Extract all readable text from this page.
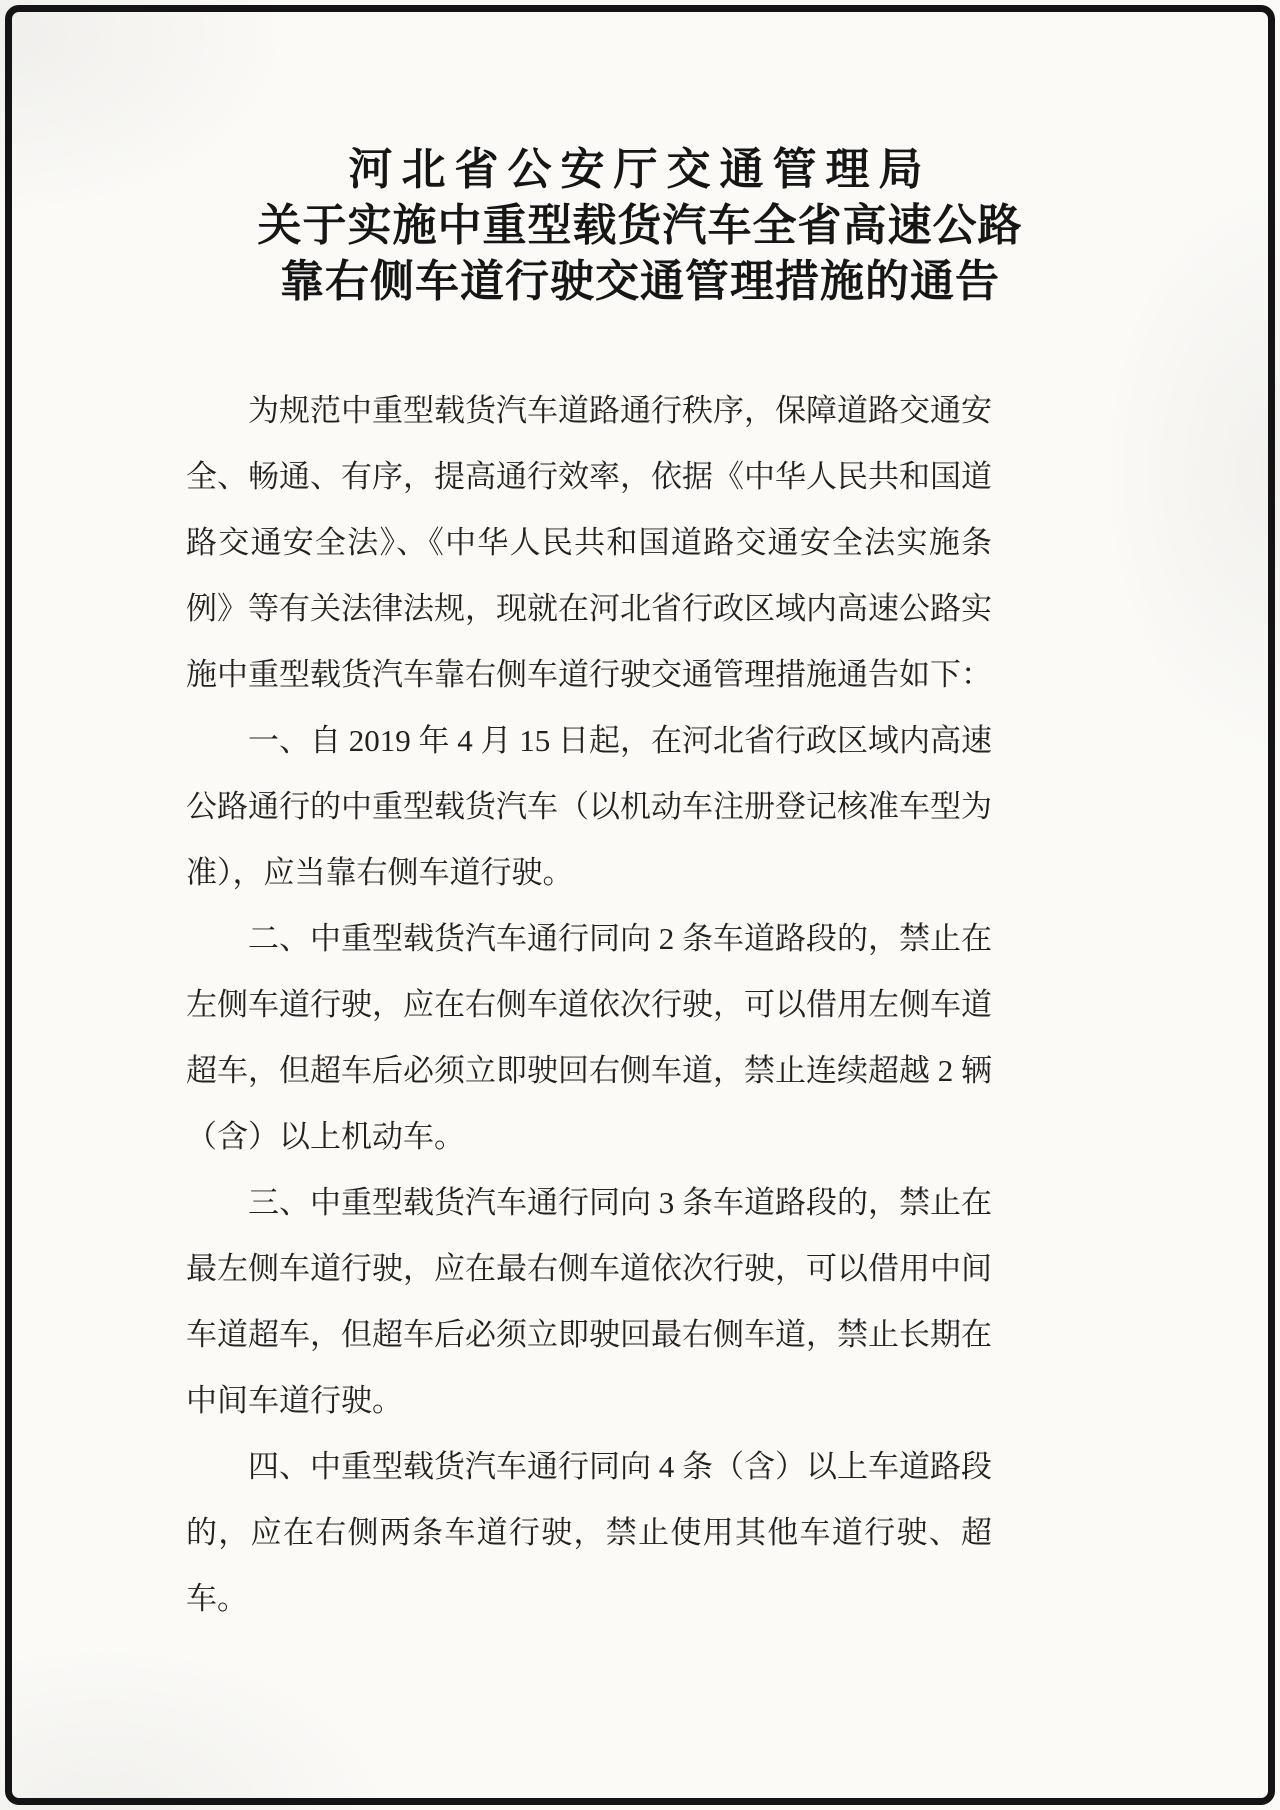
河北省公安厅交通管理局
关于实施中重型载货汽车全省高速公路
靠右侧车道行驶交通管理措施的通告

为规范中重型载货汽车道路通行秩序，保障道路交通安全、畅通、有序，提高通行效率，依据《中华人民共和国道路交通安全法》、《中华人民共和国道路交通安全法实施条例》等有关法律法规，现就在河北省行政区域内高速公路实施中重型载货汽车靠右侧车道行驶交通管理措施通告如下：

一、自 2019 年 4 月 15 日起，在河北省行政区域内高速公路通行的中重型载货汽车（以机动车注册登记核准车型为准），应当靠右侧车道行驶。

二、中重型载货汽车通行同向 2 条车道路段的，禁止在左侧车道行驶，应在右侧车道依次行驶，可以借用左侧车道超车，但超车后必须立即驶回右侧车道，禁止连续超越 2 辆（含）以上机动车。

三、中重型载货汽车通行同向 3 条车道路段的，禁止在最左侧车道行驶，应在最右侧车道依次行驶，可以借用中间车道超车，但超车后必须立即驶回最右侧车道，禁止长期在中间车道行驶。

四、中重型载货汽车通行同向 4 条（含）以上车道路段的，应在右侧两条车道行驶，禁止使用其他车道行驶、超车。
